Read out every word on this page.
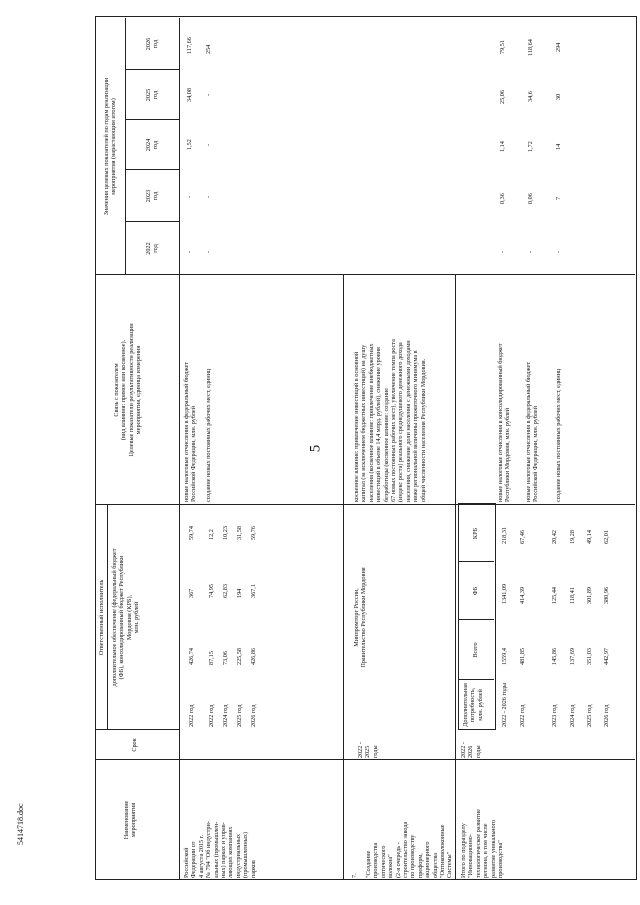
5
5414718.doc	Наименование мероприятия
Срок
Ответственный исполнитель дополнительное обеспечение (федеральный бюджет (ФБ), консолидированный бюджет Республики Мордовия (КРБ), млн. рублей
Связь с показателем (вид влияния: прямое или косвенное). Целевые показатели результативности реализации мероприятия, единица измерения
Значения целевых показателей по годам реализации мероприятия (нарастающим итогом)
2022 год
2023 год
2024 год
2025 год
2026 год
Российской Федерации от 4 августа 2015 г. № 794 "Об индустри- альных (промышлен- ных) парках и управ- ляющих компаниях индустриальных (промышленных) парков
2022 год
426,74
367
59,74
2022 год
87,15
74,95
12,2
2024 год
73,06
62,83
10,23
2025 год
225,58
194
31,58
2026 год
426,86
367,1
59,76
новые налоговые отчисления в федеральный бюджет Российской Федерации, млн. рублей
-
-
1,52
34,08
117,66
создание новых постоянных рабочих мест, единиц
-
-
-
-
254
7. "Создание производства оптического волокна" (2-я очередь - строительство завода по производству преформ, акционерного общества "Оптиковолоконные Системы"
2022 - 2025 годы
Минпромторг России, Правительство Республики Мордовия
косвенное влияние: привлечение инвестиций в основной капитал (за исключением бюджетных инвестиций) на душу населения (косвенное влияние: привлечение внебюджетных инвестиций в объеме 14,4 млрд. рублей), снижение уровня безработицы (косвенное влияние: создание 67 новых постоянных рабочих мест), увеличение темпа роста (индекс роста) реального среднедушевого денежного дохода населения, снижение доли населения с денежными доходами ниже региональной величины прожиточного минимума в общей численности населения Республики Мордовия.
Итого по подразделу "Инновационно- технологическое развитие региона, в том числе развитие уникального производства"
2022 - 2026 годы
Дополнительная потребность, млн. рублей
Всего
ФБ
КРБ
2022 - 2026 годы
1559,4
1341,09
218,31
2022 год
481,85
414,39
67,46
2023 год
145,86
125,44
20,42
2024 год
137,69
118,41
19,28
2025 год
351,03
301,89
49,14
2026 год
442,97
380,96
62,01
новые налоговые отчисления в консолидированный бюджет Республики Мордовия, млн. рублей
-
0,36
1,14
25,06
79,51
новые налоговые отчисления в федеральный бюджет Российской Федерации, млн. рублей
-
0,06
1,72
34,6
118,64
создание новых постоянных рабочих мест, единиц
-
7
14
30
294
